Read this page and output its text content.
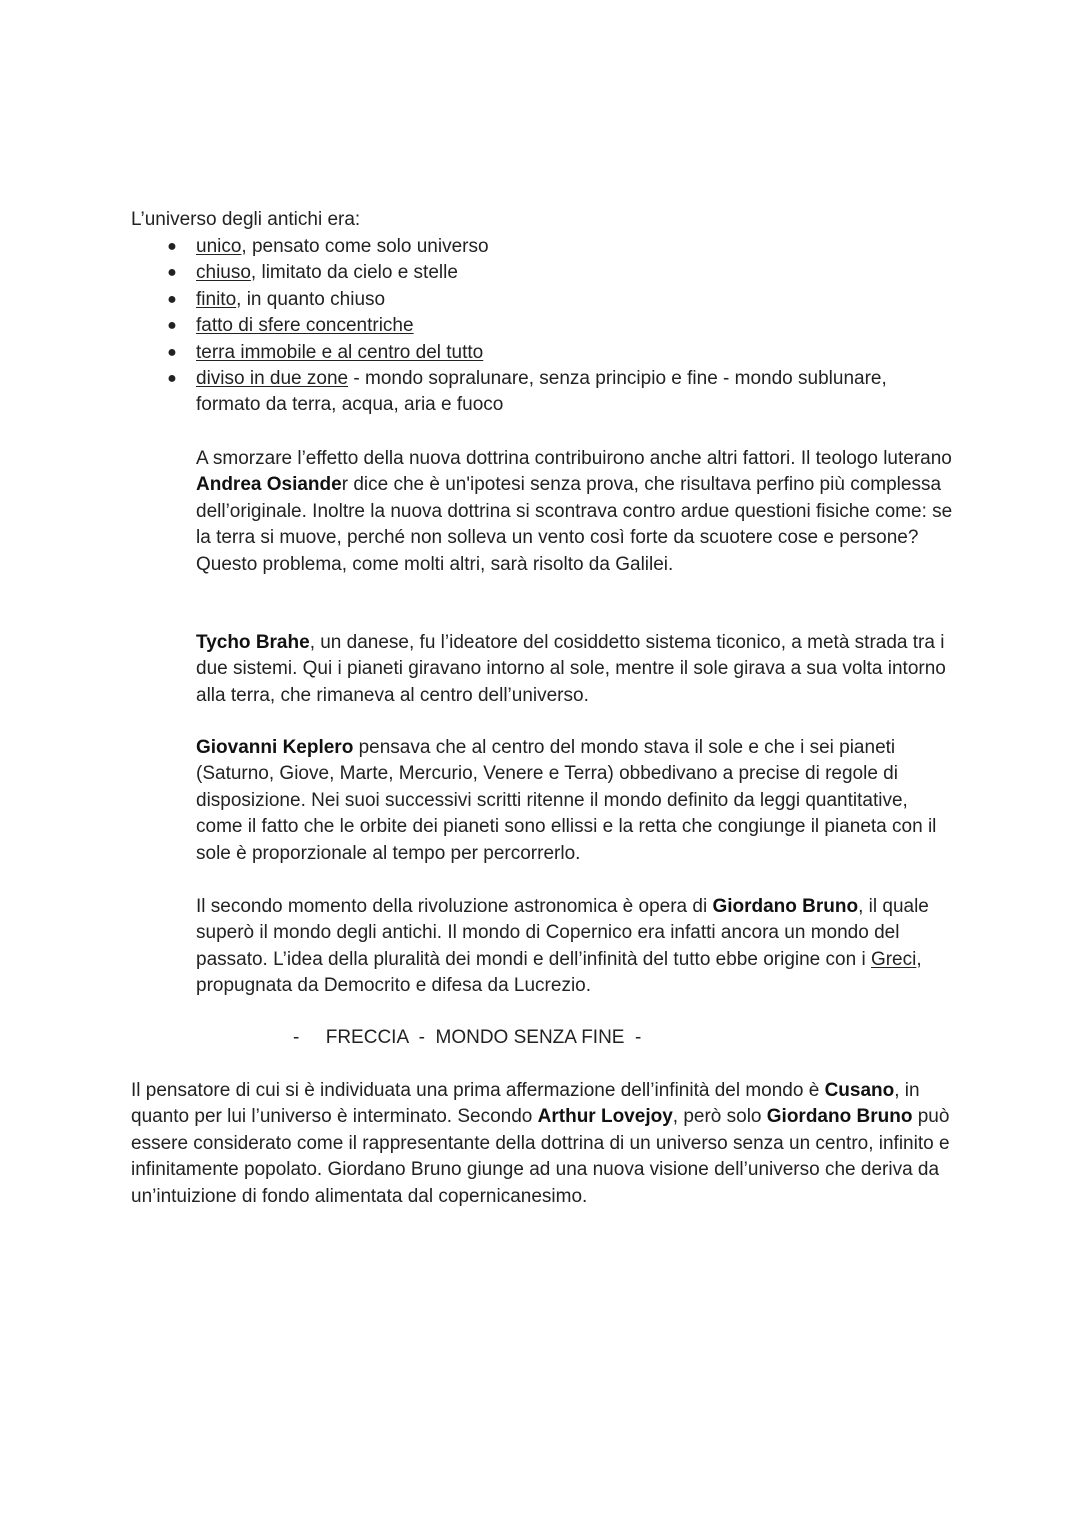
L’universo degli antichi era:

● unico, pensato come solo universo
● chiuso, limitato da cielo e stelle
● finito, in quanto chiuso
● fatto di sfere concentriche
● terra immobile e al centro del tutto
● diviso in due zone - mondo sopralunare, senza principio e fine - mondo sublunare, formato da terra, acqua, aria e fuoco

A smorzare l’effetto della nuova dottrina contribuirono anche altri fattori. Il teologo luterano Andrea Osiander dice che è un'ipotesi senza prova, che risultava perfino più complessa dell’originale. Inoltre la nuova dottrina si scontrava contro ardue questioni fisiche come: se la terra si muove, perché non solleva un vento così forte da scuotere cose e persone? Questo problema, come molti altri, sarà risolto da Galilei.

Tycho Brahe, un danese, fu l’ideatore del cosiddetto sistema ticonico, a metà strada tra i due sistemi. Qui i pianeti giravano intorno al sole, mentre il sole girava a sua volta intorno alla terra, che rimaneva al centro dell’universo.

Giovanni Keplero pensava che al centro del mondo stava il sole e che i sei pianeti (Saturno, Giove, Marte, Mercurio, Venere e Terra) obbedivano a precise di regole di disposizione. Nei suoi successivi scritti ritenne il mondo definito da leggi quantitative, come il fatto che le orbite dei pianeti sono ellissi e la retta che congiunge il pianeta con il sole è proporzionale al tempo per percorrerlo.

Il secondo momento della rivoluzione astronomica è opera di Giordano Bruno, il quale superò il mondo degli antichi. Il mondo di Copernico era infatti ancora un mondo del passato. L’idea della pluralità dei mondi e dell’infinità del tutto ebbe origine con i Greci, propugnata da Democrito e difesa da Lucrezio.

-     FRECCIA  -  MONDO SENZA FINE  -

Il pensatore di cui si è individuata una prima affermazione dell’infinità del mondo è Cusano, in quanto per lui l’universo è interminato. Secondo Arthur Lovejoy, però solo Giordano Bruno può essere considerato come il rappresentante della dottrina di un universo senza un centro, infinito e infinitamente popolato. Giordano Bruno giunge ad una nuova visione dell’universo che deriva da un’intuizione di fondo alimentata dal copernicanesimo.
